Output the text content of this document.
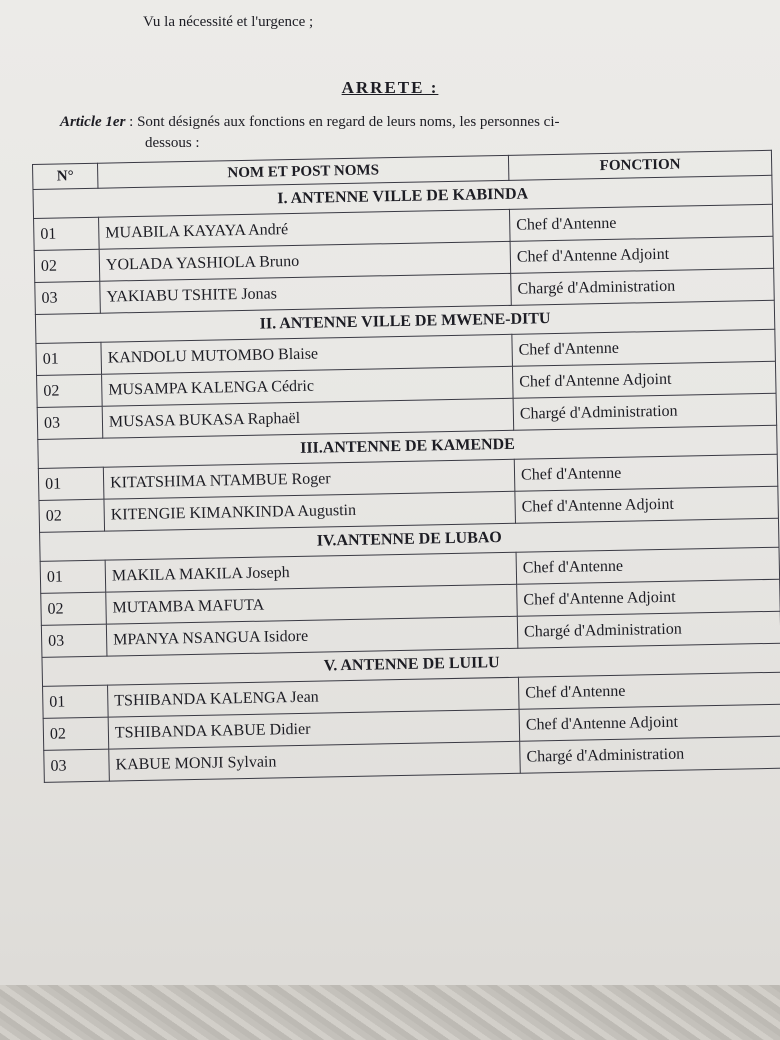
Vu la nécessité et l'urgence ;
ARRETE :
Article 1er : Sont désignés aux fonctions en regard de leurs noms, les personnes ci-
dessous :
N°	NOM ET POST NOMS	FONCTION
I. ANTENNE VILLE DE KABINDA		
01	MUABILA KAYAYA André	Chef d'Antenne
02	YOLADA YASHIOLA Bruno	Chef d'Antenne Adjoint
03	YAKIABU TSHITE Jonas	Chargé d'Administration
II. ANTENNE VILLE DE MWENE-DITU		
01	KANDOLU MUTOMBO Blaise	Chef d'Antenne
02	MUSAMPA KALENGA Cédric	Chef d'Antenne Adjoint
03	MUSASA BUKASA Raphaël	Chargé d'Administration
III.ANTENNE DE KAMENDE		
01	KITATSHIMA NTAMBUE Roger	Chef d'Antenne
02	KITENGIE KIMANKINDA Augustin	Chef d'Antenne Adjoint
IV.ANTENNE DE LUBAO		
01	MAKILA MAKILA Joseph	Chef d'Antenne
02	MUTAMBA MAFUTA	Chef d'Antenne Adjoint
03	MPANYA NSANGUA Isidore	Chargé d'Administration
V. ANTENNE DE LUILU		
01	TSHIBANDA KALENGA Jean	Chef d'Antenne
02	TSHIBANDA KABUE Didier	Chef d'Antenne Adjoint
03	KABUE MONJI Sylvain	Chargé d'Administration
